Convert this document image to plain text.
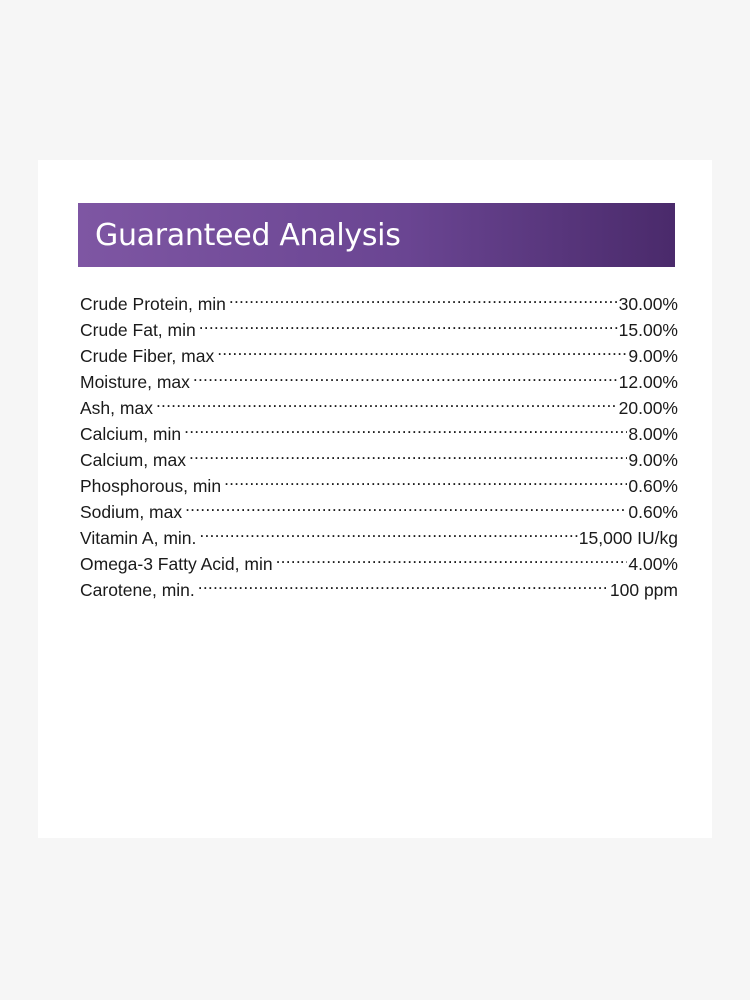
Guaranteed Analysis
Crude Protein, min .....	30.00%
Crude Fat, min .....	15.00%
Crude Fiber, max .....	9.00%
Moisture, max .....	12.00%
Ash, max .....	20.00%
Calcium, min .....	8.00%
Calcium, max .....	9.00%
Phosphorous, min .....	0.60%
Sodium, max .....	0.60%
Vitamin A, min. .....	15,000 IU/kg
Omega-3 Fatty Acid, min .....	4.00%
Carotene, min. .....	100 ppm
